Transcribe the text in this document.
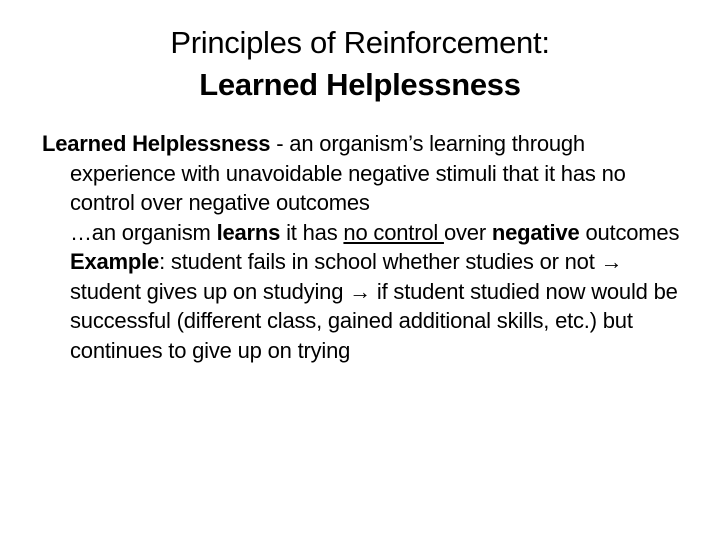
Principles of Reinforcement:
Learned Helplessness

Learned Helplessness - an organism’s learning through experience with unavoidable negative stimuli that it has no control over negative outcomes

…an organism learns it has no control over negative outcomes

Example: student fails in school whether studies or not → student gives up on studying → if student studied now would be successful (different class, gained additional skills, etc.) but continues to give up on trying
